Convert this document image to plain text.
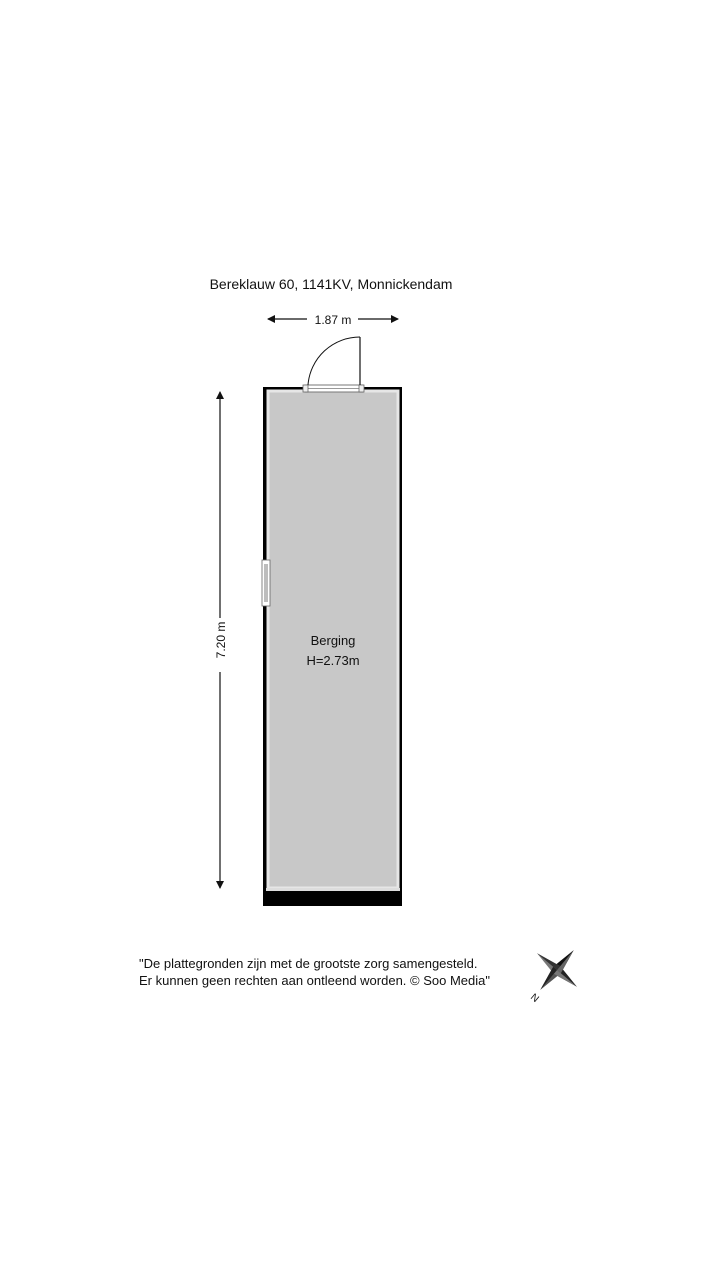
Bereklauw 60, 1141KV, Monnickendam
1.87 m
7.20 m	Berging
H=2.73m
"De plattegronden zijn met de grootste zorg samengesteld.
Er kunnen geen rechten aan ontleend worden. © Soo Media"
N
